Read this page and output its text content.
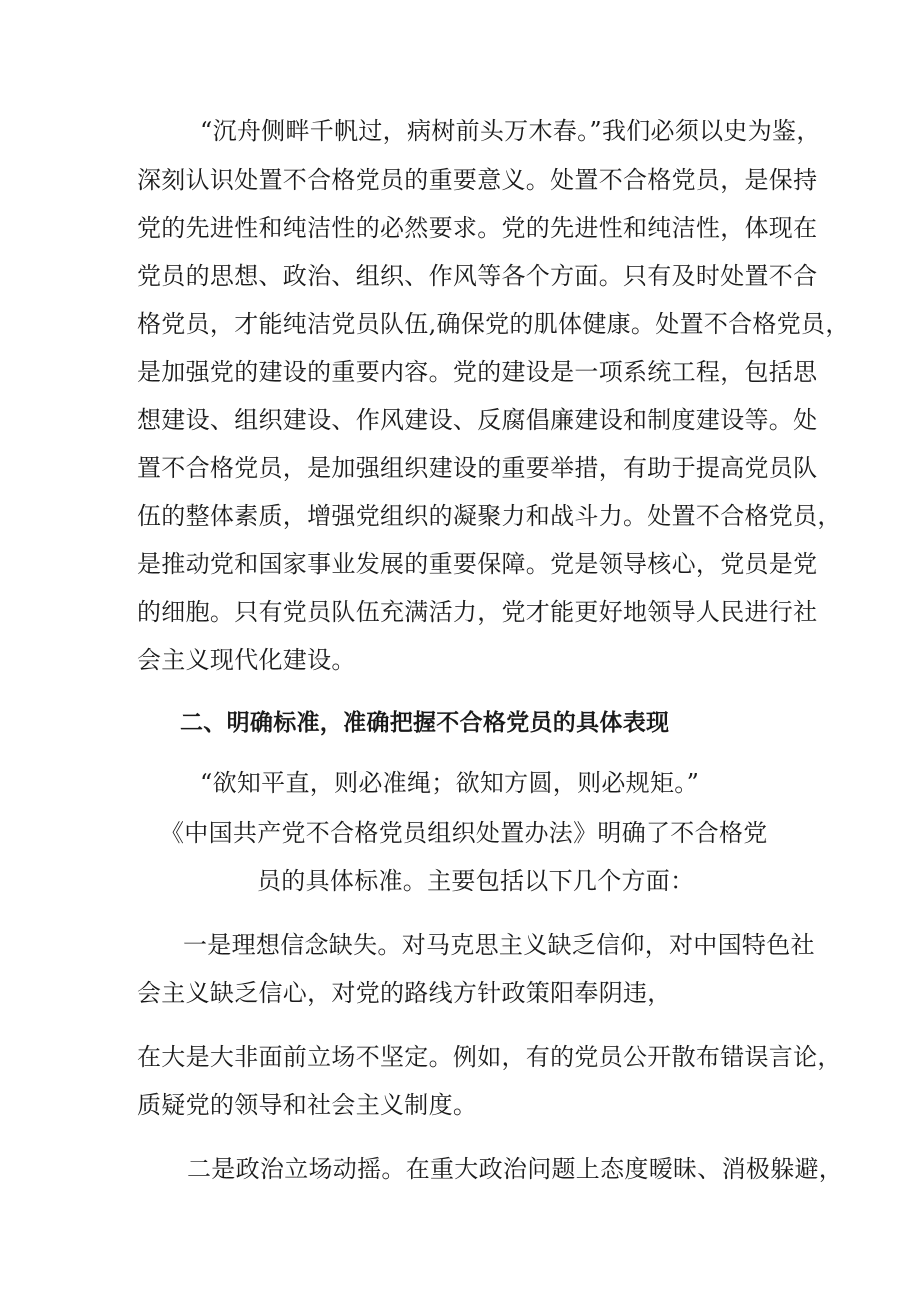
“沉舟侧畔千帆过，病树前头万木春。”我们必须以史为鉴，
深刻认识处置不合格党员的重要意义。处置不合格党员，是保持
党的先进性和纯洁性的必然要求。党的先进性和纯洁性，体现在
党员的思想、政治、组织、作风等各个方面。只有及时处置不合
格党员，才能纯洁党员队伍,确保党的肌体健康。处置不合格党员，
是加强党的建设的重要内容。党的建设是一项系统工程，包括思
想建设、组织建设、作风建设、反腐倡廉建设和制度建设等。处
置不合格党员，是加强组织建设的重要举措，有助于提高党员队
伍的整体素质，增强党组织的凝聚力和战斗力。处置不合格党员，
是推动党和国家事业发展的重要保障。党是领导核心，党员是党
的细胞。只有党员队伍充满活力，党才能更好地领导人民进行社
会主义现代化建设。
二、明确标准，准确把握不合格党员的具体表现
“欲知平直，则必准绳；欲知方圆，则必规矩。”
《中国共产党不合格党员组织处置办法》明确了不合格党
员的具体标准。主要包括以下几个方面：
一是理想信念缺失。对马克思主义缺乏信仰，对中国特色社
会主义缺乏信心，对党的路线方针政策阳奉阴违，
在大是大非面前立场不坚定。例如，有的党员公开散布错误言论，
质疑党的领导和社会主义制度。
二是政治立场动摇。在重大政治问题上态度暧昧、消极躲避，
